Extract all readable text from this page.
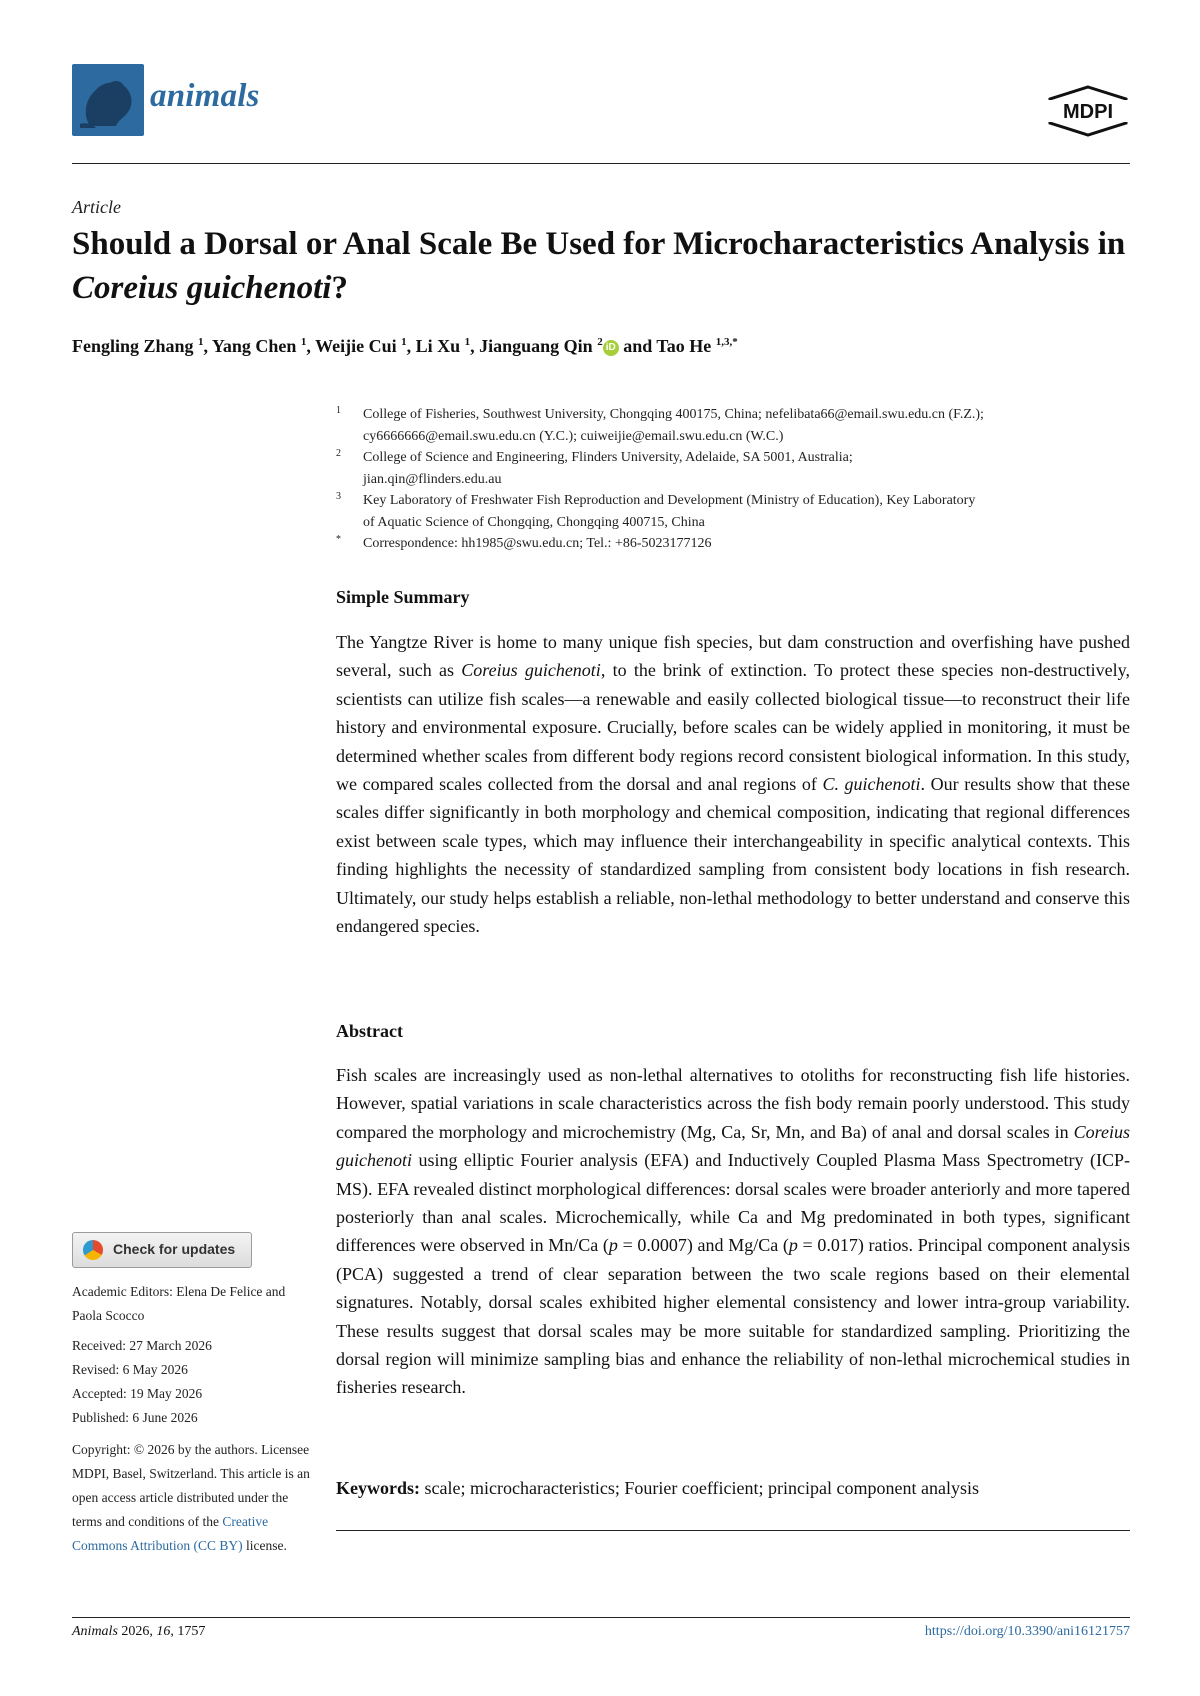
animals	MDPI
Article
Should a Dorsal or Anal Scale Be Used for Microcharacteristics Analysis in Coreius guichenoti?
Fengling Zhang $^1$, Yang Chen $^1$, Weijie Cui $^1$, Li Xu $^1$, Jianguang Qin $^2$ iD and Tao He $^{1,3,*}$
1 College of Fisheries, Southwest University, Chongqing 400175, China; nefelibata66@email.swu.edu.cn (F.Z.);
cy6666666@email.swu.edu.cn (Y.C.); cuiweijie@email.swu.edu.cn (W.C.)
2 College of Science and Engineering, Flinders University, Adelaide, SA 5001, Australia;
jian.qin@flinders.edu.au
3 Key Laboratory of Freshwater Fish Reproduction and Development (Ministry of Education), Key Laboratory
of Aquatic Science of Chongqing, Chongqing 400715, China
* Correspondence: hh1985@swu.edu.cn; Tel.: +86-5023177126
Simple Summary
The Yangtze River is home to many unique fish species, but dam construction and overfishing have pushed several, such as Coreius guichenoti, to the brink of extinction. To protect these species non-destructively, scientists can utilize fish scales—a renewable and easily collected biological tissue—to reconstruct their life history and environmental exposure. Crucially, before scales can be widely applied in monitoring, it must be determined whether scales from different body regions record consistent biological information. In this study, we compared scales collected from the dorsal and anal regions of C. guichenoti. Our results show that these scales differ significantly in both morphology and chemical composition, indicating that regional differences exist between scale types, which may influence their interchangeability in specific analytical contexts. This finding highlights the necessity of standardized sampling from consistent body locations in fish research. Ultimately, our study helps establish a reliable, non-lethal methodology to better understand and conserve this endangered species.
Abstract
Fish scales are increasingly used as non-lethal alternatives to otoliths for reconstructing fish life histories. However, spatial variations in scale characteristics across the fish body remain poorly understood. This study compared the morphology and microchemistry (Mg, Ca, Sr, Mn, and Ba) of anal and dorsal scales in Coreius guichenoti using elliptic Fourier analysis (EFA) and Inductively Coupled Plasma Mass Spectrometry (ICP-MS). EFA revealed distinct morphological differences: dorsal scales were broader anteriorly and more tapered posteriorly than anal scales. Microchemically, while Ca and Mg predominated in both types, significant differences were observed in Mn/Ca (p = 0.0007) and Mg/Ca (p = 0.017) ratios. Principal component analysis (PCA) suggested a trend of clear separation between the two scale regions based on their elemental signatures. Notably, dorsal scales exhibited higher elemental consistency and lower intra-group variability. These results suggest that dorsal scales may be more suitable for standardized sampling. Prioritizing the dorsal region will minimize sampling bias and enhance the reliability of non-lethal microchemical studies in fisheries research.
Keywords: scale; microcharacteristics; Fourier coefficient; principal component analysis
Check for updates
Academic Editors: Elena De Felice and Paola Scocco
Received: 27 March 2026
Revised: 6 May 2026
Accepted: 19 May 2026
Published: 6 June 2026
Copyright: © 2026 by the authors. Licensee MDPI, Basel, Switzerland. This article is an open access article distributed under the terms and conditions of the Creative Commons Attribution (CC BY) license.
Animals 2026, 16, 1757	https://doi.org/10.3390/ani16121757
